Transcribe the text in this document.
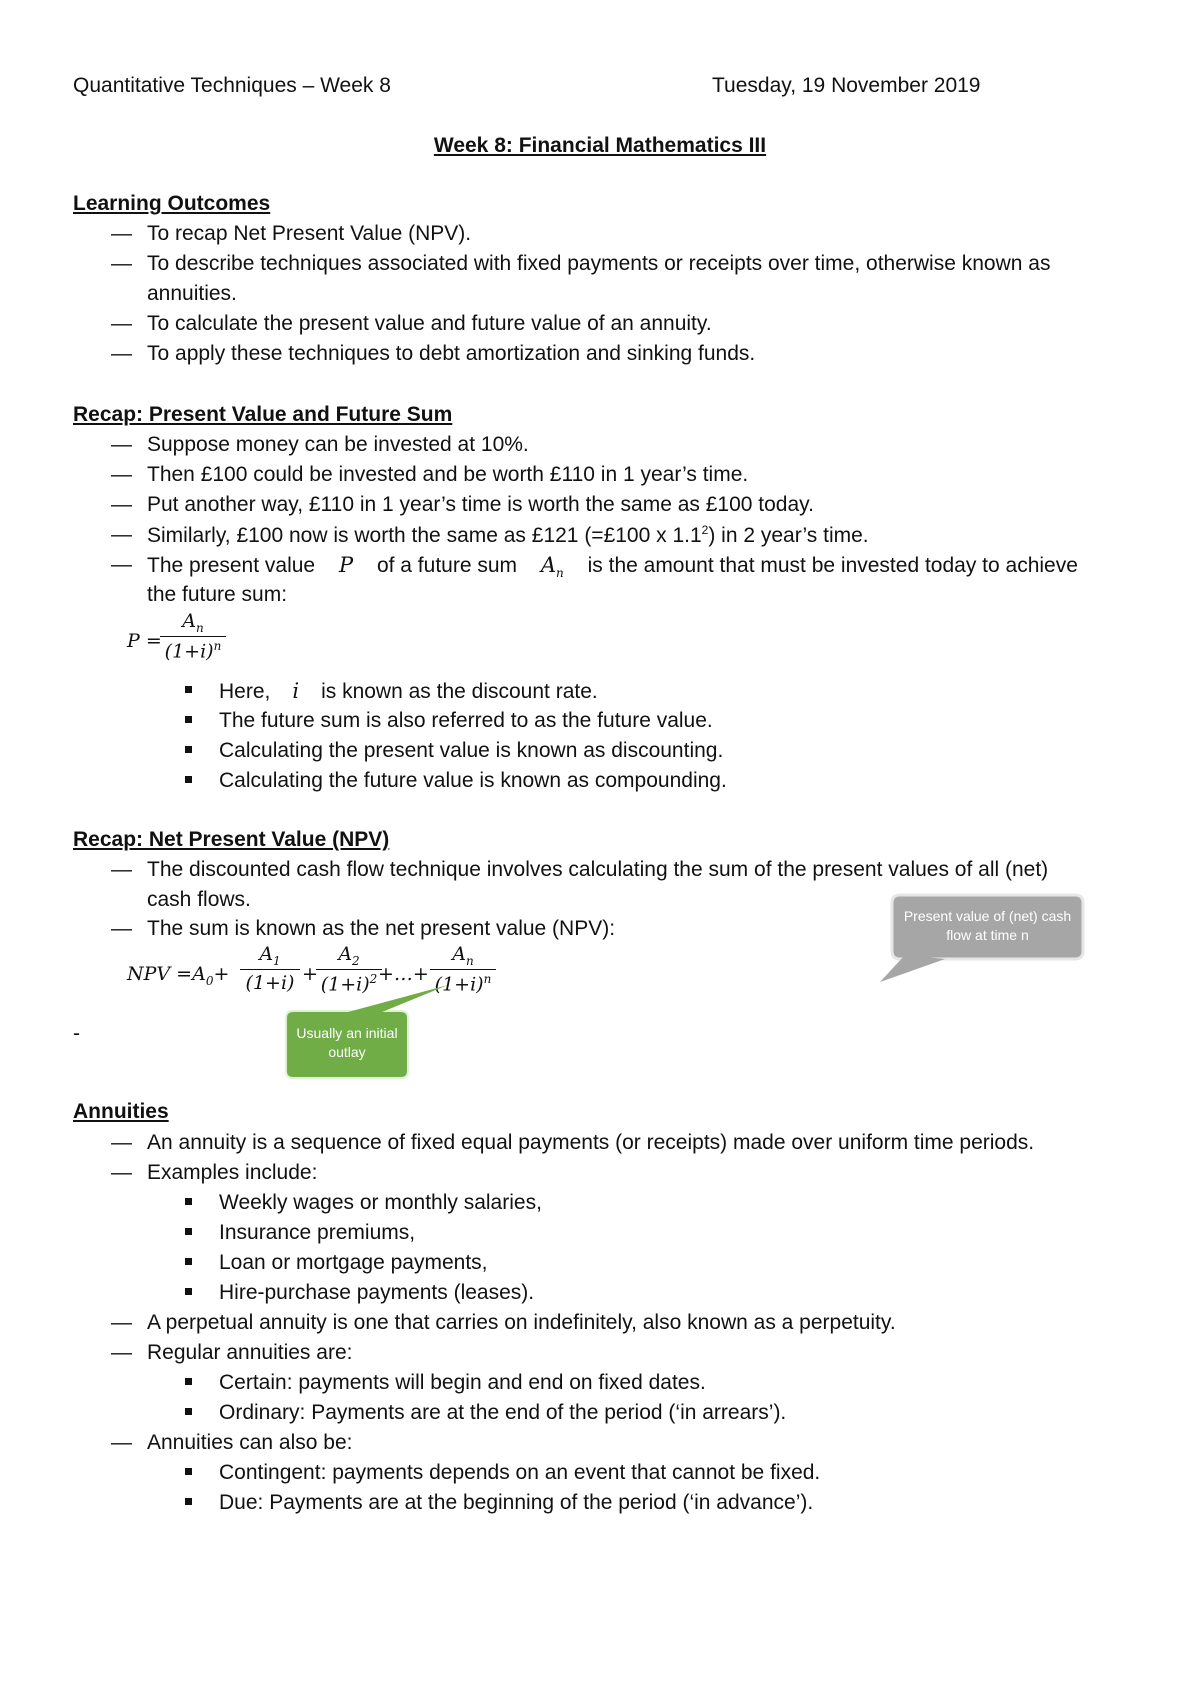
Quantitative Techniques – Week 8	Tuesday, 19 November 2019
Week 8: Financial Mathematics III
Learning Outcomes
To recap Net Present Value (NPV).
To describe techniques associated with fixed payments or receipts over time, otherwise known as
annuities.
To calculate the present value and future value of an annuity.
To apply these techniques to debt amortization and sinking funds.
Recap: Present Value and Future Sum
Suppose money can be invested at 10%.
Then £100 could be invested and be worth £110 in 1 year’s time.
Put another way, £110 in 1 year’s time is worth the same as £100 today.
Similarly, £100 now is worth the same as £121 (=£100 x $1.1^2$) in 2 year’s time.
The present value P of a future sum $A_n$ is the amount that must be invested today to achieve
the future sum:
P =
$A_n$
$(1+i)^n$
Here, i is known as the discount rate.
The future sum is also referred to as the future value.
Calculating the present value is known as discounting.
Calculating the future value is known as compounding.
Recap: Net Present Value (NPV)
The discounted cash flow technique involves calculating the sum of the present values of all (net)
cash flows.
The sum is known as the net present value (NPV):
NPV $=A_0+$
$A_1$
(1+i) +
$A_2$
$(1+i)^2$ +…+
$A_n$
$(1+i)^n$
-
Present value of (net) cash flow at time n
Usually an initial outlay
Annuities
An annuity is a sequence of fixed equal payments (or receipts) made over uniform time periods.
Examples include:
Weekly wages or monthly salaries,
Insurance premiums,
Loan or mortgage payments,
Hire-purchase payments (leases).
A perpetual annuity is one that carries on indefinitely, also known as a perpetuity.
Regular annuities are:
Certain: payments will begin and end on fixed dates.
Ordinary: Payments are at the end of the period (‘in arrears’).
Annuities can also be:
Contingent: payments depends on an event that cannot be fixed.
Due: Payments are at the beginning of the period (‘in advance’).
